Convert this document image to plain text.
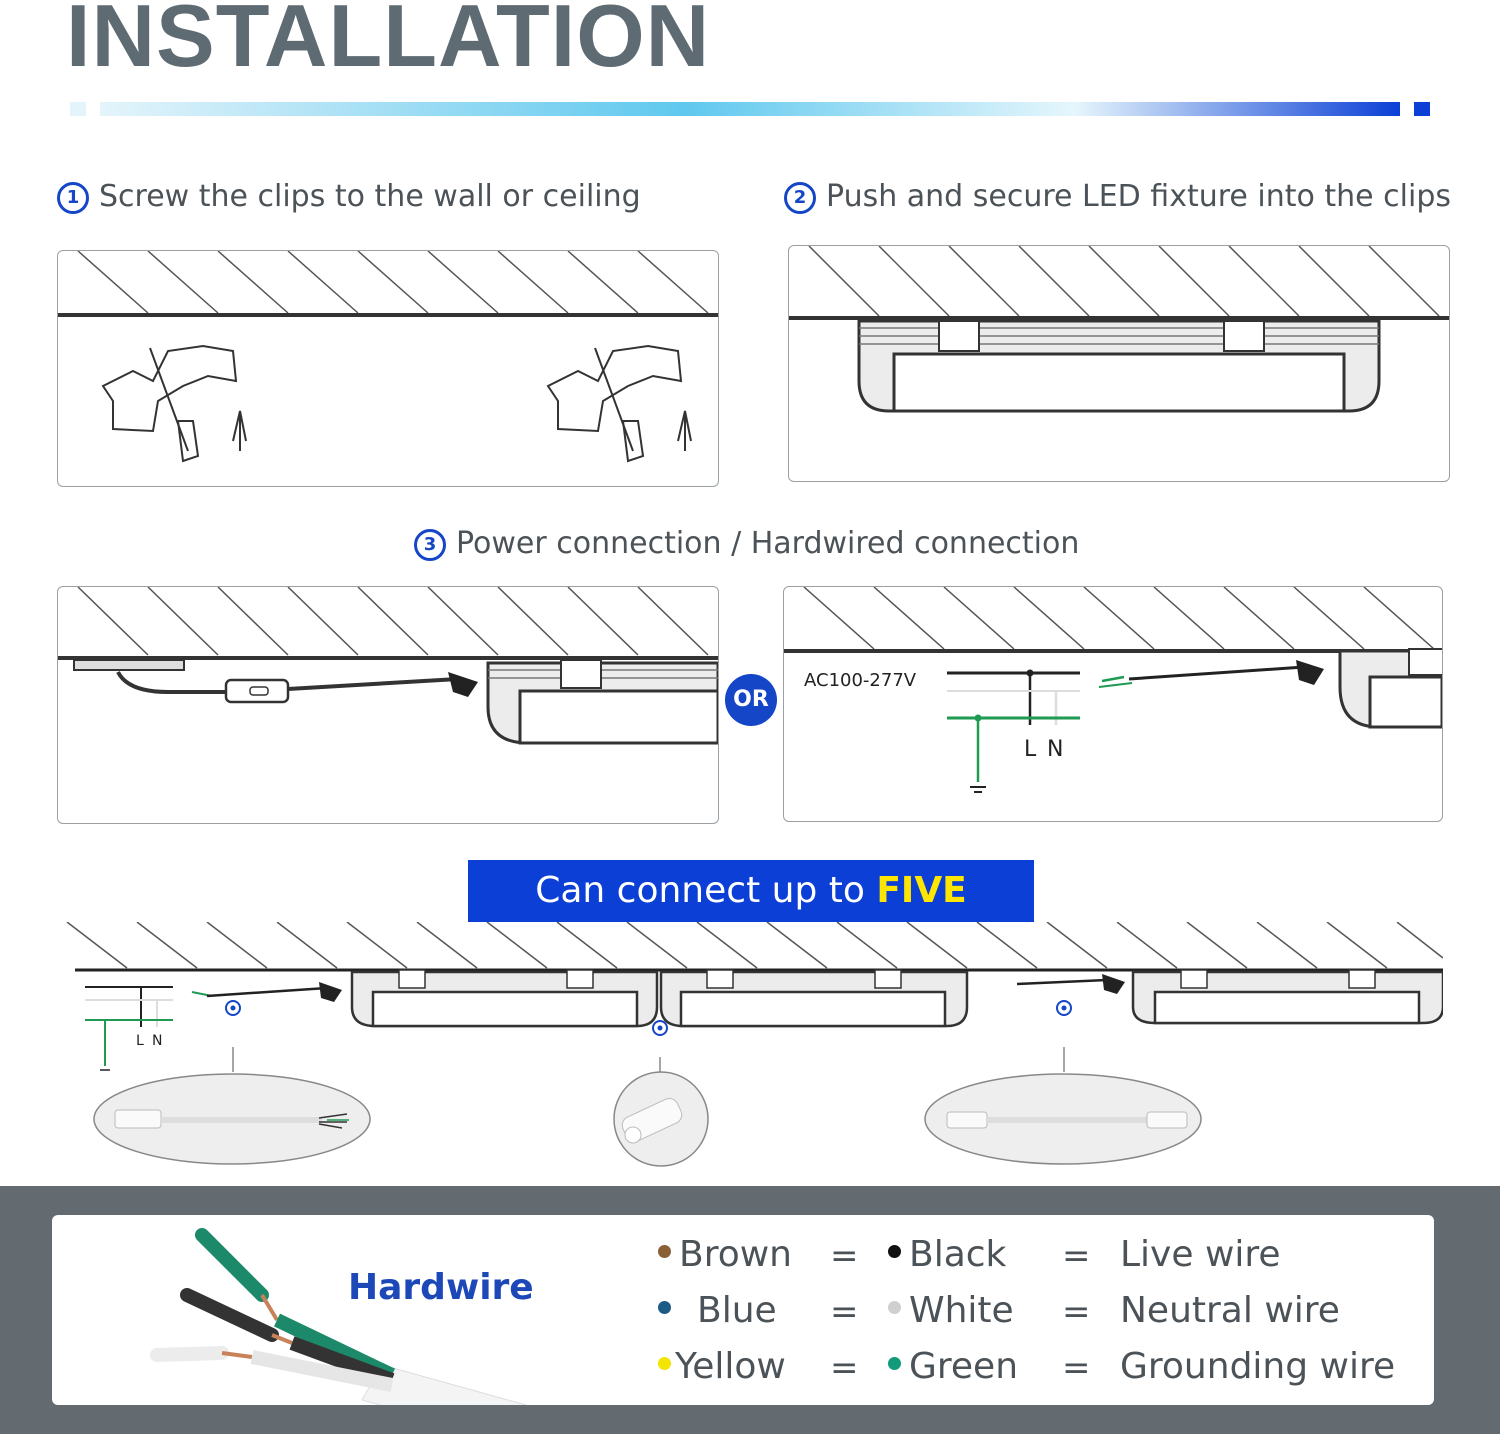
INSTALLATION
1 Screw the clips to the wall or ceiling	2 Push and secure LED fixture into the clips
3 Power connection / Hardwired connection
OR
AC100-277V
L N
Can connect up to FIVE
L N
Hardwire
Brown =	Black = Live wire
Blue =	White = Neutral wire
Yellow =	Green = Grounding wire
